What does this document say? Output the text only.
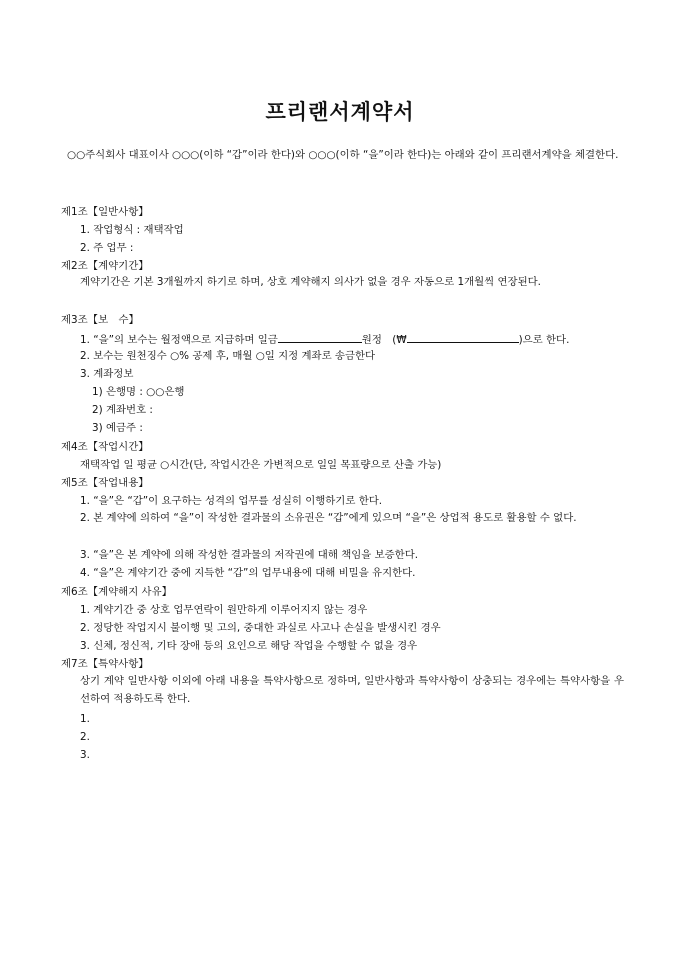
프리랜서계약서
○○주식회사 대표이사 ○○○(이하 “갑”이라 한다)와 ○○○(이하 “을”이라 한다)는 아래와 같이 프리랜서계약을 체결한다.
제1조【일반사항】
1. 작업형식 : 재택작업
2. 주 업무 :
제2조【계약기간】
계약기간은 기본 3개월까지 하기로 하며, 상호 계약해지 의사가 없을 경우 자동으로 1개월씩 연장된다.
제3조【보　수】
1. “을”의 보수는 월정액으로 지급하며 일금	원정　(₩	)으로 한다.
2. 보수는 원천징수 ○% 공제 후, 매월 ○일 지정 계좌로 송금한다
3. 계좌정보
1) 은행명 : ○○은행
2) 계좌번호 :
3) 예금주 :
제4조【작업시간】
재택작업 일 평균 ○시간(단, 작업시간은 가변적으로 일일 목표량으로 산출 가능)
제5조【작업내용】
1. “을”은 “갑”이 요구하는 성격의 업무를 성실히 이행하기로 한다.
2. 본 계약에 의하여 “을”이 작성한 결과물의 소유권은 “갑”에게 있으며 “을”은 상업적 용도로 활용할 수 없다.
3. “을”은 본 계약에 의해 작성한 결과물의 저작권에 대해 책임을 보증한다.
4. “을”은 계약기간 중에 지득한 “갑”의 업무내용에 대해 비밀을 유지한다.
제6조【계약해지 사유】
1. 계약기간 중 상호 업무연락이 원만하게 이루어지지 않는 경우
2. 정당한 작업지시 불이행 및 고의, 중대한 과실로 사고나 손실을 발생시킨 경우
3. 신체, 정신적, 기타 장애 등의 요인으로 해당 작업을 수행할 수 없을 경우
제7조【특약사항】
상기 계약 일반사항 이외에 아래 내용을 특약사항으로 정하며, 일반사항과 특약사항이 상충되는 경우에는 특약사항을 우선하여 적용하도록 한다.
1.
2.
3.
